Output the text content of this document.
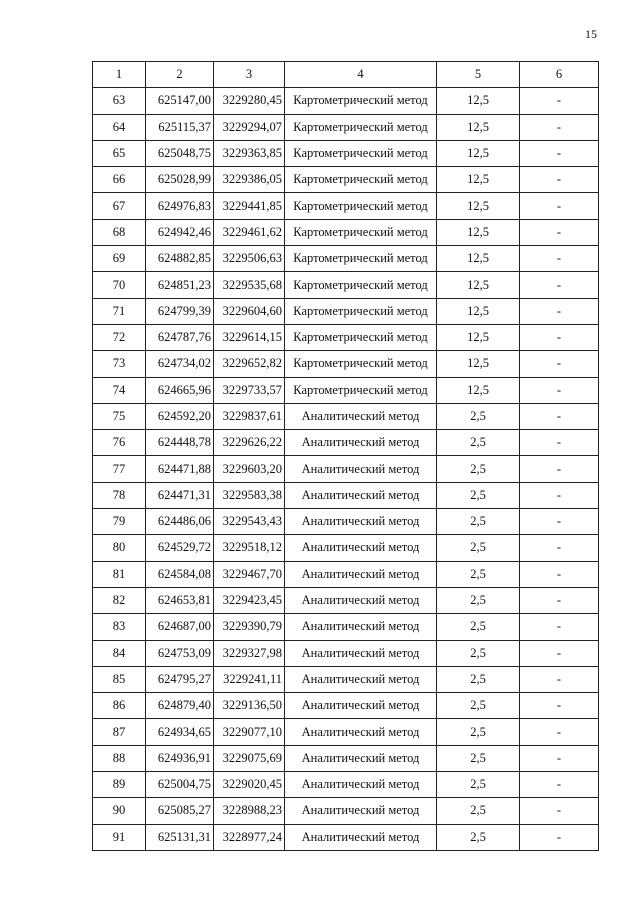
15
1	2	3	4	5	6
63	625147,00	3229280,45	Картометрический метод	12,5	-
64	625115,37	3229294,07	Картометрический метод	12,5	-
65	625048,75	3229363,85	Картометрический метод	12,5	-
66	625028,99	3229386,05	Картометрический метод	12,5	-
67	624976,83	3229441,85	Картометрический метод	12,5	-
68	624942,46	3229461,62	Картометрический метод	12,5	-
69	624882,85	3229506,63	Картометрический метод	12,5	-
70	624851,23	3229535,68	Картометрический метод	12,5	-
71	624799,39	3229604,60	Картометрический метод	12,5	-
72	624787,76	3229614,15	Картометрический метод	12,5	-
73	624734,02	3229652,82	Картометрический метод	12,5	-
74	624665,96	3229733,57	Картометрический метод	12,5	-
75	624592,20	3229837,61	Аналитический метод	2,5	-
76	624448,78	3229626,22	Аналитический метод	2,5	-
77	624471,88	3229603,20	Аналитический метод	2,5	-
78	624471,31	3229583,38	Аналитический метод	2,5	-
79	624486,06	3229543,43	Аналитический метод	2,5	-
80	624529,72	3229518,12	Аналитический метод	2,5	-
81	624584,08	3229467,70	Аналитический метод	2,5	-
82	624653,81	3229423,45	Аналитический метод	2,5	-
83	624687,00	3229390,79	Аналитический метод	2,5	-
84	624753,09	3229327,98	Аналитический метод	2,5	-
85	624795,27	3229241,11	Аналитический метод	2,5	-
86	624879,40	3229136,50	Аналитический метод	2,5	-
87	624934,65	3229077,10	Аналитический метод	2,5	-
88	624936,91	3229075,69	Аналитический метод	2,5	-
89	625004,75	3229020,45	Аналитический метод	2,5	-
90	625085,27	3228988,23	Аналитический метод	2,5	-
91	625131,31	3228977,24	Аналитический метод	2,5	-
